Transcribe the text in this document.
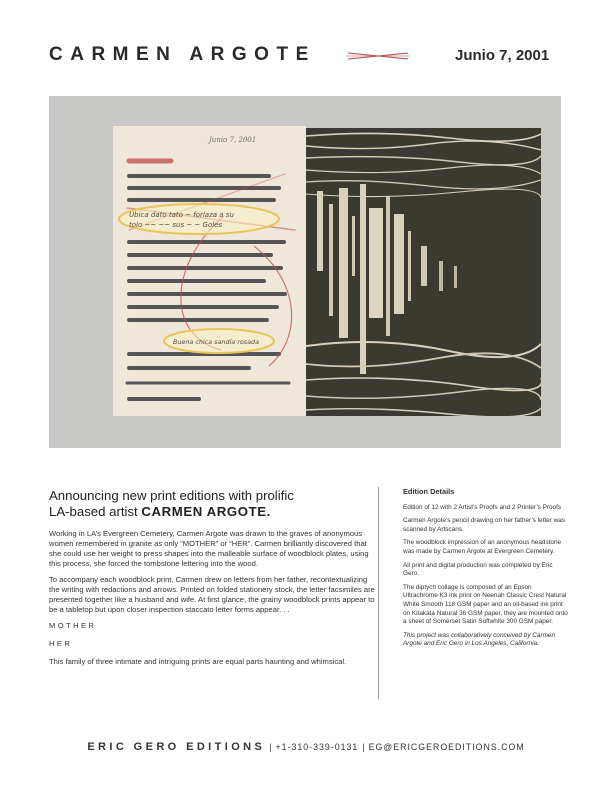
CARMEN ARGOTE	Junio 7, 2001
Junio 7, 2001
Ubica dato tato ~ forlaza a su
tolo ~~ ~~ sus ~ ~ Goles
Buena chica sandía rosada
Announcing new print editions with prolific
LA-based artist CARMEN ARGOTE.

Working in LA’s Evergreen Cemetery, Carmen Argote was drawn to the graves of anonymous women remembered in granite as only “MOTHER” or “HER”. Carmen brilliantly discovered that she could use her weight to press shapes into the malleable surface of woodblock plates, using this process, she forced the tombstone lettering into the wood.

To accompany each woodblock print, Carmen drew on letters from her father, recontextualizing the writing with redactions and arrows. Printed on folded stationery stock, the letter facsimiles are presented together like a husband and wife. At first glance, the grainy woodblock prints appear to be a tabletop but upon closer inspection staccato letter forms appear. . .

MOTHER

HER

This family of three intimate and intriguing prints are equal parts haunting and whimsical.

Edition Details

Edition of 12 with 2 Artist’s Proofs and 2 Printer’s Proofs

Carmen Argote’s pencil drawing on her father’s letter was scanned by Artscans.

The woodblock impression of an anonymous headstone was made by Carmen Argote at Evergreen Cemetery.

All print and digital production was completed by Eric Gero.

The diptych collage is composed of an Epson Ultrachrome K3 ink print on Neenah Classic Crest Natural White Smooth 118 GSM paper and an oil-based ink print on Kitakata Natural 36 GSM paper, they are mounted onto a sheet of Somerset Satin Softwhite 300 GSM paper.

This project was collaboratively conceived by Carmen Argote and Eric Gero in Los Angeles, California.

ERIC GERO EDITIONS | +1-310-339-0131 | EG@ERICGEROEDITIONS.COM
